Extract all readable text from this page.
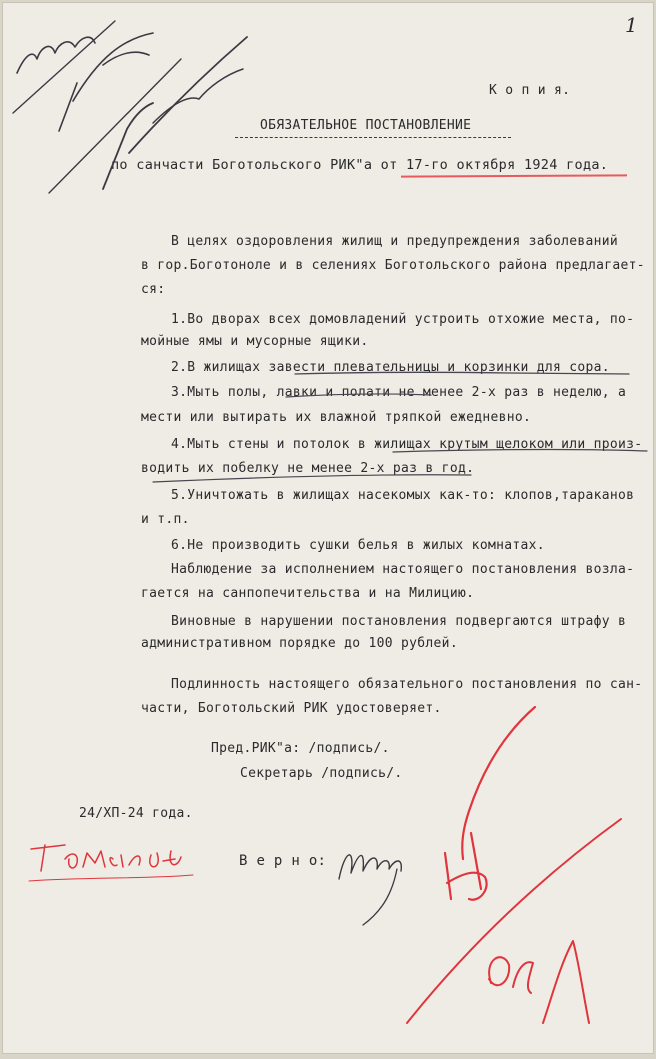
1
К о п и я.
ОБЯЗАТЕЛЬНОЕ ПОСТАНОВЛЕНИЕ
по санчасти Боготольского РИК"а от 17-го октября 1924 года.
В целях оздоровления жилищ и предупреждения заболеваний
в гор.Боготоноле и в селениях Боготольского района предлагает-
ся:
1.Во дворах всех домовладений устроить отхожие места, по-
мойные ямы и мусорные ящики.
2.В жилищах завести плевательницы и корзинки для сора.
3.Мыть полы, лавки и полати не менее 2-х раз в неделю, а
мести или вытирать их влажной тряпкой ежедневно.
4.Мыть стены и потолок в жилищах крутым щелоком или произ-
водить их побелку не менее 2-х раз в год.
5.Уничтожать в жилищах насекомых как-то: клопов,тараканов
и т.п.
6.Не производить сушки белья в жилых комнатах.
Наблюдение за исполнением настоящего постановления возла-
гается на санпопечительства и на Милицию.
Виновные в нарушении постановления подвергаются штрафу в
административном порядке до 100 рублей.
Подлинность настоящего обязательного постановления по сан-
части, Боготольский РИК удостоверяет.
Пред.РИК"а: /подпись/.
Секретарь /подпись/.
24/XП-24 года.
В е р н о:
